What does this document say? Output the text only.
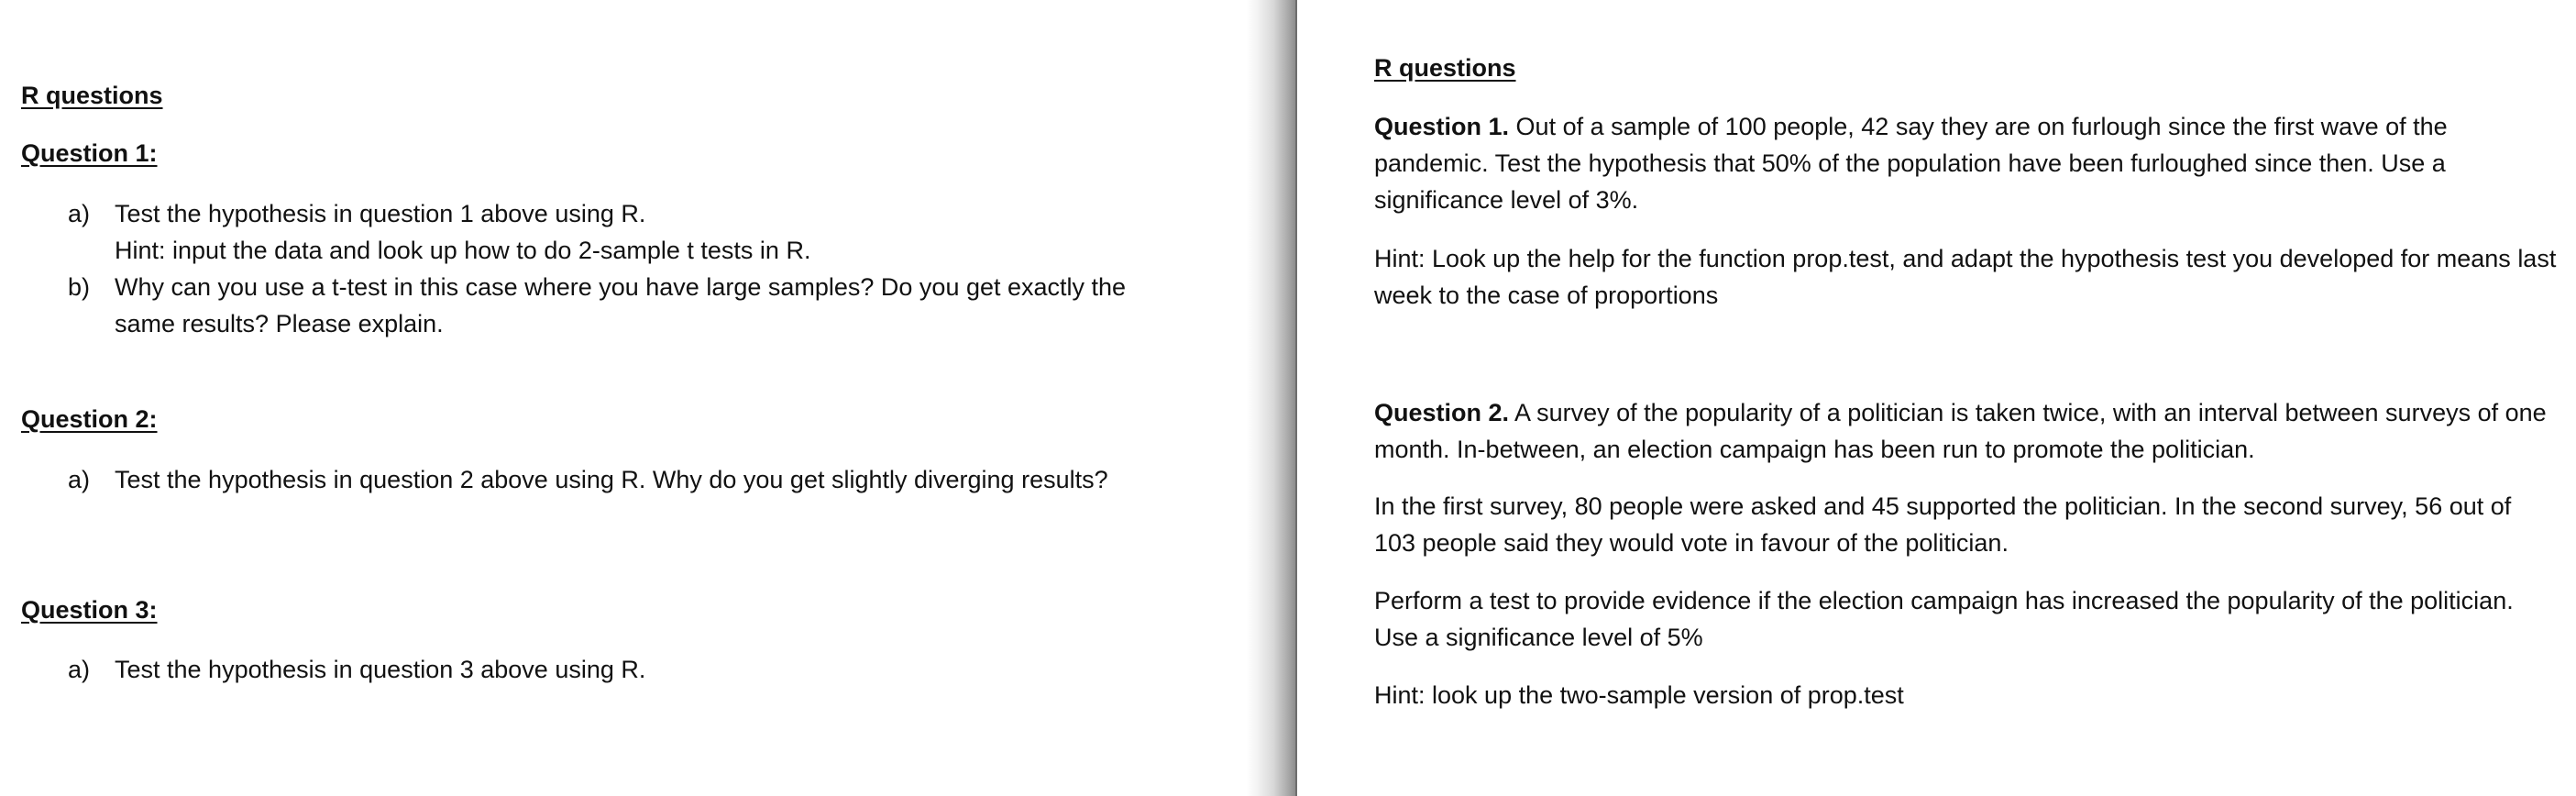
R questions
Question 1:
a) Test the hypothesis in question 1 above using R.
Hint: input the data and look up how to do 2-sample t tests in R.
b) Why can you use a t-test in this case where you have large samples? Do you get exactly the same results? Please explain.
Question 2:
a) Test the hypothesis in question 2 above using R. Why do you get slightly diverging results?
Question 3:
a) Test the hypothesis in question 3 above using R.
R questions

Question 1. Out of a sample of 100 people, 42 say they are on furlough since the first wave of the pandemic. Test the hypothesis that 50% of the population have been furloughed since then. Use a significance level of 3%.

Hint: Look up the help for the function prop.test, and adapt the hypothesis test you developed for means last week to the case of proportions

Question 2. A survey of the popularity of a politician is taken twice, with an interval between surveys of one month. In-between, an election campaign has been run to promote the politician.

In the first survey, 80 people were asked and 45 supported the politician. In the second survey, 56 out of 103 people said they would vote in favour of the politician.

Perform a test to provide evidence if the election campaign has increased the popularity of the politician. Use a significance level of 5%

Hint: look up the two-sample version of prop.test
